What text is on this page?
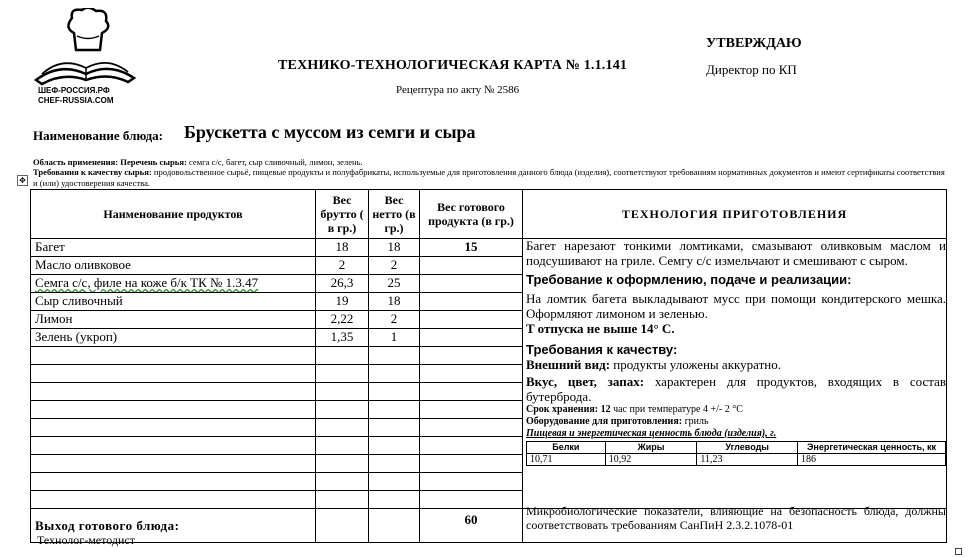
ШЕФ-РОССИЯ.РФ
CHEF-RUSSIA.COM
ТЕХНИКО-ТЕХНОЛОГИЧЕСКАЯ КАРТА № 1.1.141
Рецептура по акту № 2586
УТВЕРЖДАЮ
Директор по КП
Наименование блюда: Брускетта с муссом из семги и сыра
Область применения: Перечень сырья: семга с/с, багет, сыр сливочный, лимон, зелень.
Требования к качеству сырья: продовольственное сырьё, пищевые продукты и полуфабрикаты, используемые для приготовления данного блюда (изделия), соответствуют требованиям нормативных документов и имеют сертификаты соответствия и (или) удостоверения качества.
✥
Наименование продуктов	Вес брутто ( в гр.)	Вес нетто (в гр.)	Вес готового продукта (в гр.)	ТЕХНОЛОГИЯ ПРИГОТОВЛЕНИЯ
Багет	18	18	15	
Масло оливковое	2	2		
Семга с/с, филе на коже б/к ТК № 1.3.47	26,3	25		
Сыр сливочный	19	18		
Лимон	2,22	2		
Зелень (укроп)	1,35	1		

Выход готового блюда:			60	

Багет нарезают тонкими ломтиками, смазывают оливковым маслом и подсушивают на гриле. Семгу с/с измельчают и смешивают с сыром.

Требование к оформлению, подаче и реализации:

На ломтик багета выкладывают мусс при помощи кондитерского мешка. Оформляют лимоном и зеленью.

T отпуска не выше 14° С.

Требования к качеству:

Внешний вид: продукты уложены аккуратно.

Вкус, цвет, запах: характерен для продуктов, входящих в состав бутерброда.

Срок хранения: 12 час при температуре 4 +/- 2 °С

Оборудование для приготовления: гриль

Пищевая и энергетическая ценность блюда (изделия), г.

Белки	Жиры	Углеводы	Энергетическая ценность, кк
10,71	10,92	11,23	186
Микробиологические показатели, влияющие на безопасность блюда, должны соответствовать требованиям СанПиН 2.3.2.1078-01
Технолог-методист
